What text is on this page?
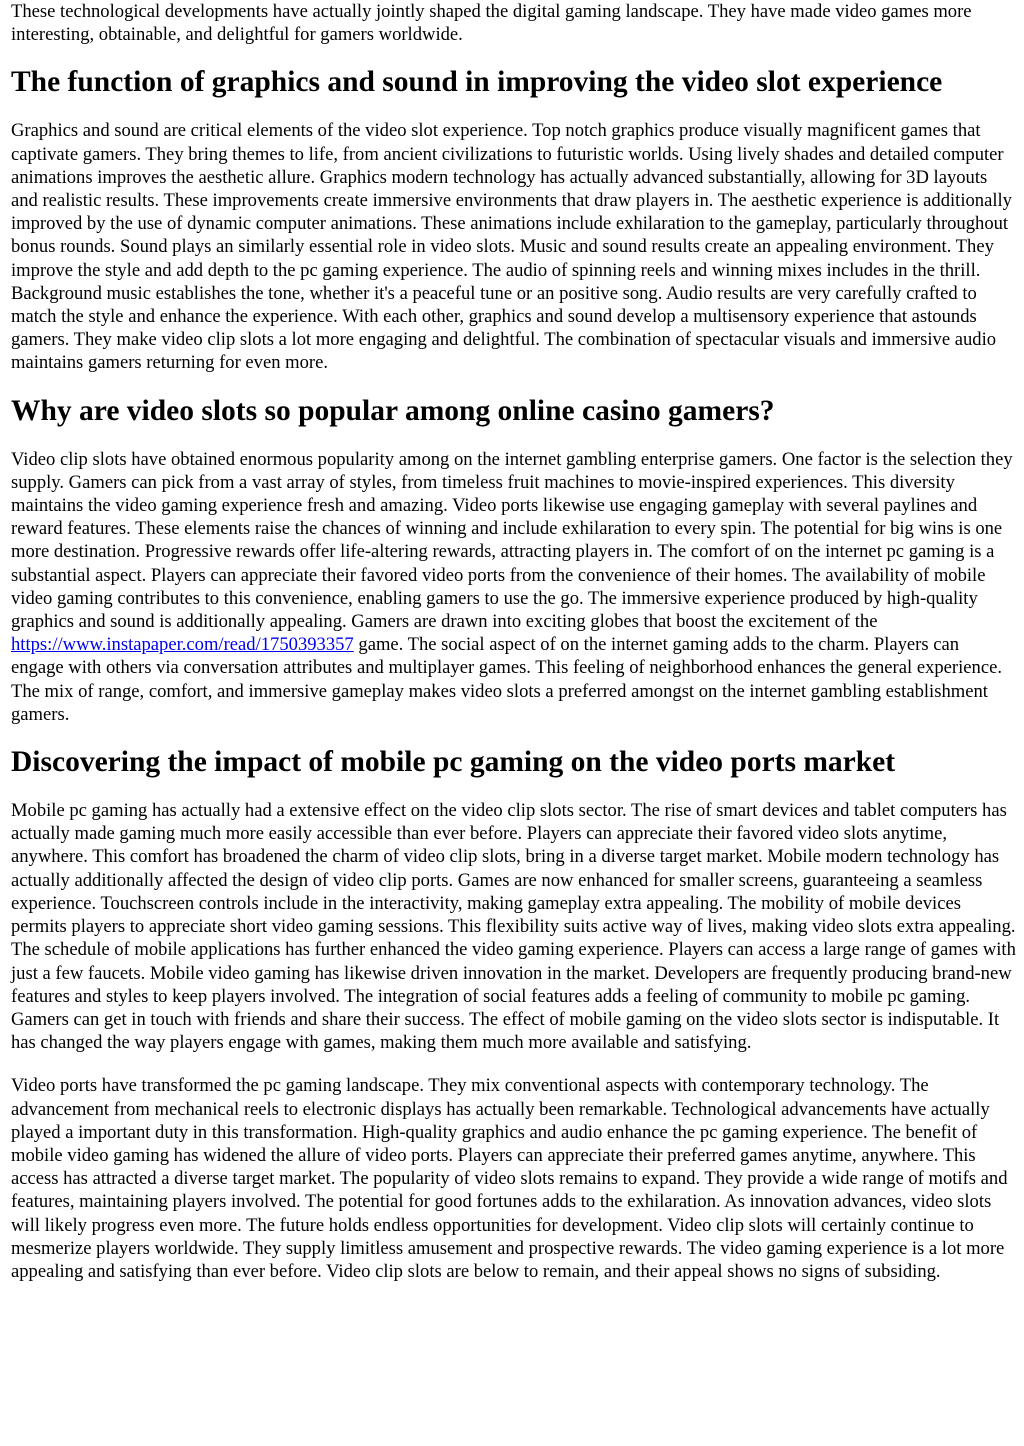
These technological developments have actually jointly shaped the digital gaming landscape. They have made video games more interesting, obtainable, and delightful for gamers worldwide.

The function of graphics and sound in improving the video slot experience

Graphics and sound are critical elements of the video slot experience. Top notch graphics produce visually magnificent games that captivate gamers. They bring themes to life, from ancient civilizations to futuristic worlds. Using lively shades and detailed computer animations improves the aesthetic allure. Graphics modern technology has actually advanced substantially, allowing for 3D layouts and realistic results. These improvements create immersive environments that draw players in. The aesthetic experience is additionally improved by the use of dynamic computer animations. These animations include exhilaration to the gameplay, particularly throughout bonus rounds. Sound plays an similarly essential role in video slots. Music and sound results create an appealing environment. They improve the style and add depth to the pc gaming experience. The audio of spinning reels and winning mixes includes in the thrill. Background music establishes the tone, whether it's a peaceful tune or an positive song. Audio results are very carefully crafted to match the style and enhance the experience. With each other, graphics and sound develop a multisensory experience that astounds gamers. They make video clip slots a lot more engaging and delightful. The combination of spectacular visuals and immersive audio maintains gamers returning for even more.

Why are video slots so popular among online casino gamers?

Video clip slots have obtained enormous popularity among on the internet gambling enterprise gamers. One factor is the selection they supply. Gamers can pick from a vast array of styles, from timeless fruit machines to movie-inspired experiences. This diversity maintains the video gaming experience fresh and amazing. Video ports likewise use engaging gameplay with several paylines and reward features. These elements raise the chances of winning and include exhilaration to every spin. The potential for big wins is one more destination. Progressive rewards offer life-altering rewards, attracting players in. The comfort of on the internet pc gaming is a substantial aspect. Players can appreciate their favored video ports from the convenience of their homes. The availability of mobile video gaming contributes to this convenience, enabling gamers to use the go. The immersive experience produced by high-quality graphics and sound is additionally appealing. Gamers are drawn into exciting globes that boost the excitement of the https://www.instapaper.com/read/1750393357 game. The social aspect of on the internet gaming adds to the charm. Players can engage with others via conversation attributes and multiplayer games. This feeling of neighborhood enhances the general experience. The mix of range, comfort, and immersive gameplay makes video slots a preferred amongst on the internet gambling establishment gamers.

Discovering the impact of mobile pc gaming on the video ports market

Mobile pc gaming has actually had a extensive effect on the video clip slots sector. The rise of smart devices and tablet computers has actually made gaming much more easily accessible than ever before. Players can appreciate their favored video slots anytime, anywhere. This comfort has broadened the charm of video clip slots, bring in a diverse target market. Mobile modern technology has actually additionally affected the design of video clip ports. Games are now enhanced for smaller screens, guaranteeing a seamless experience. Touchscreen controls include in the interactivity, making gameplay extra appealing. The mobility of mobile devices permits players to appreciate short video gaming sessions. This flexibility suits active way of lives, making video slots extra appealing. The schedule of mobile applications has further enhanced the video gaming experience. Players can access a large range of games with just a few faucets. Mobile video gaming has likewise driven innovation in the market. Developers are frequently producing brand-new features and styles to keep players involved. The integration of social features adds a feeling of community to mobile pc gaming. Gamers can get in touch with friends and share their success. The effect of mobile gaming on the video slots sector is indisputable. It has changed the way players engage with games, making them much more available and satisfying.

Video ports have transformed the pc gaming landscape. They mix conventional aspects with contemporary technology. The advancement from mechanical reels to electronic displays has actually been remarkable. Technological advancements have actually played a important duty in this transformation. High-quality graphics and audio enhance the pc gaming experience. The benefit of mobile video gaming has widened the allure of video ports. Players can appreciate their preferred games anytime, anywhere. This access has attracted a diverse target market. The popularity of video slots remains to expand. They provide a wide range of motifs and features, maintaining players involved. The potential for good fortunes adds to the exhilaration. As innovation advances, video slots will likely progress even more. The future holds endless opportunities for development. Video clip slots will certainly continue to mesmerize players worldwide. They supply limitless amusement and prospective rewards. The video gaming experience is a lot more appealing and satisfying than ever before. Video clip slots are below to remain, and their appeal shows no signs of subsiding.
